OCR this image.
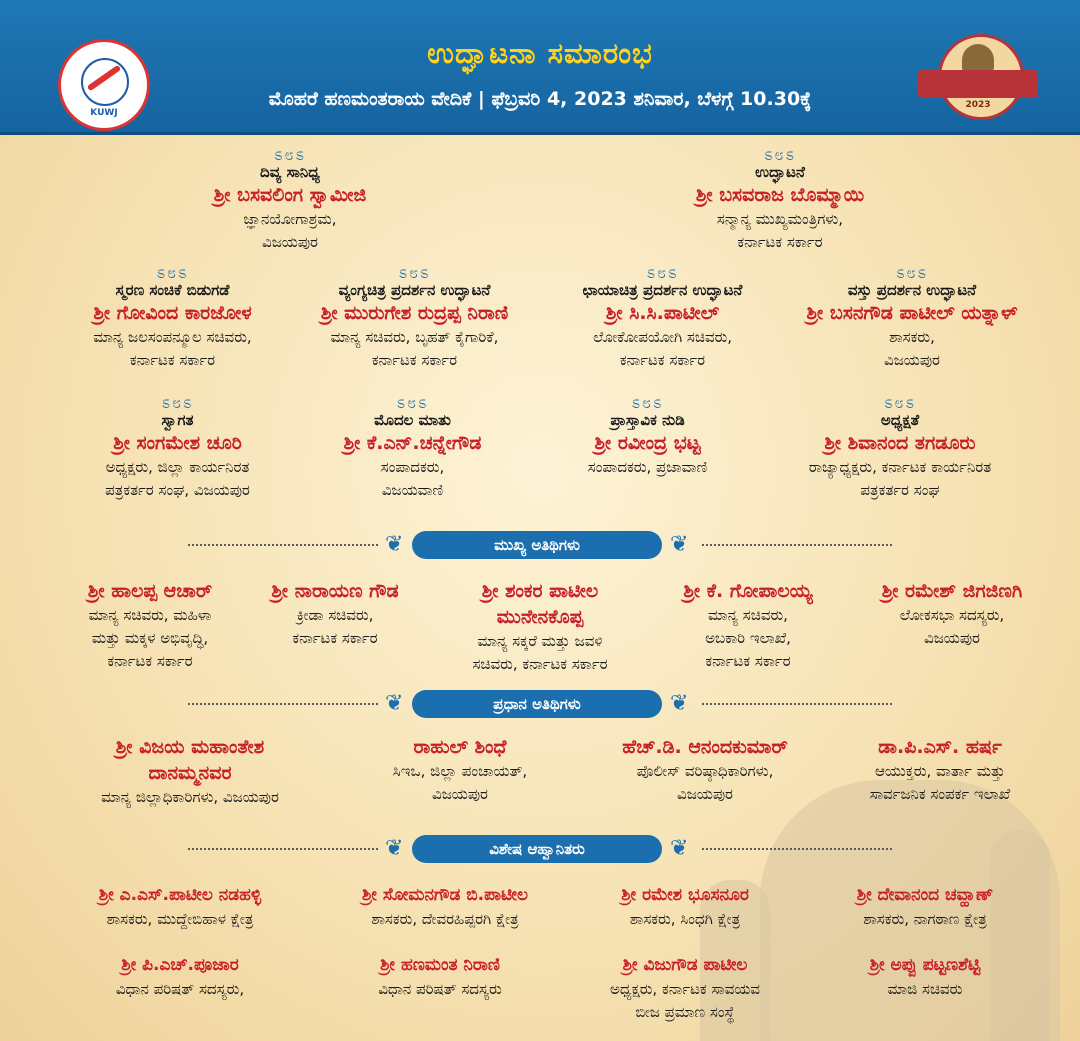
KUWJ
ಉದ್ಘಾಟನಾ ಸಮಾರಂಭ
ಮೊಹರೆ ಹಣಮಂತರಾಯ ವೇದಿಕೆ | ಫೆಬ್ರವರಿ 4, 2023 ಶನಿವಾರ, ಬೆಳಗ್ಗೆ 10.30ಕ್ಕೆ	2023
ಽ೮ಽ
ದಿವ್ಯ ಸಾನಿಧ್ಯ
ಶ್ರೀ ಬಸವಲಿಂಗ ಸ್ವಾಮೀಜಿ
ಜ್ಞಾನಯೋಗಾಶ್ರಮ,
ವಿಜಯಪುರ
ಽ೮ಽ
ಉದ್ಘಾಟನೆ
ಶ್ರೀ ಬಸವರಾಜ ಬೊಮ್ಮಾಯಿ
ಸನ್ಮಾನ್ಯ ಮುಖ್ಯಮಂತ್ರಿಗಳು,
ಕರ್ನಾಟಕ ಸರ್ಕಾರ
ಽ೮ಽ
ಸ್ಮರಣ ಸಂಚಿಕೆ ಬಿಡುಗಡೆ
ಶ್ರೀ ಗೋವಿಂದ ಕಾರಜೋಳ
ಮಾನ್ಯ ಜಲಸಂಪನ್ಮೂಲ ಸಚಿವರು,
ಕರ್ನಾಟಕ ಸರ್ಕಾರ
ಽ೮ಽ
ವ್ಯಂಗ್ಯಚಿತ್ರ ಪ್ರದರ್ಶನ ಉದ್ಘಾಟನೆ
ಶ್ರೀ ಮುರುಗೇಶ ರುದ್ರಪ್ಪ ನಿರಾಣಿ
ಮಾನ್ಯ ಸಚಿವರು, ಬೃಹತ್ ಕೈಗಾರಿಕೆ,
ಕರ್ನಾಟಕ ಸರ್ಕಾರ
ಽ೮ಽ
ಛಾಯಾಚಿತ್ರ ಪ್ರದರ್ಶನ ಉದ್ಘಾಟನೆ
ಶ್ರೀ ಸಿ.ಸಿ.ಪಾಟೀಲ್
ಲೋಕೋಪಯೋಗಿ ಸಚಿವರು,
ಕರ್ನಾಟಕ ಸರ್ಕಾರ
ಽ೮ಽ
ವಸ್ತು ಪ್ರದರ್ಶನ ಉದ್ಘಾಟನೆ
ಶ್ರೀ ಬಸನಗೌಡ ಪಾಟೀಲ್ ಯತ್ನಾಳ್
ಶಾಸಕರು,
ವಿಜಯಪುರ
ಽ೮ಽ
ಸ್ವಾಗತ
ಶ್ರೀ ಸಂಗಮೇಶ ಚೂರಿ
ಅಧ್ಯಕ್ಷರು, ಜಿಲ್ಲಾ ಕಾರ್ಯನಿರತ
ಪತ್ರಕರ್ತರ ಸಂಘ, ವಿಜಯಪುರ
ಽ೮ಽ
ಮೊದಲ ಮಾತು
ಶ್ರೀ ಕೆ.ಎನ್.ಚನ್ನೇಗೌಡ
ಸಂಪಾದಕರು,
ವಿಜಯವಾಣಿ
ಽ೮ಽ
ಪ್ರಾಸ್ತಾವಿಕ ನುಡಿ
ಶ್ರೀ ರವೀಂದ್ರ ಭಟ್ಟ
ಸಂಪಾದಕರು, ಪ್ರಜಾವಾಣಿ
ಽ೮ಽ
ಅಧ್ಯಕ್ಷತೆ
ಶ್ರೀ ಶಿವಾನಂದ ತಗಡೂರು
ರಾಜ್ಯಾಧ್ಯಕ್ಷರು, ಕರ್ನಾಟಕ ಕಾರ್ಯನಿರತ
ಪತ್ರಕರ್ತರ ಸಂಘ
❦	ಮುಖ್ಯ ಅತಿಥಿಗಳು	❦
ಶ್ರೀ ಹಾಲಪ್ಪ ಆಚಾರ್
ಮಾನ್ಯ ಸಚಿವರು, ಮಹಿಳಾ
ಮತ್ತು ಮಕ್ಕಳ ಅಭಿವೃದ್ಧಿ,
ಕರ್ನಾಟಕ ಸರ್ಕಾರ
ಶ್ರೀ ನಾರಾಯಣ ಗೌಡ
ಕ್ರೀಡಾ ಸಚಿವರು,
ಕರ್ನಾಟಕ ಸರ್ಕಾರ
ಶ್ರೀ ಶಂಕರ ಪಾಟೀಲ
ಮುನೇನಕೊಪ್ಪ
ಮಾನ್ಯ ಸಕ್ಕರೆ ಮತ್ತು ಜವಳಿ
ಸಚಿವರು, ಕರ್ನಾಟಕ ಸರ್ಕಾರ
ಶ್ರೀ ಕೆ. ಗೋಪಾಲಯ್ಯ
ಮಾನ್ಯ ಸಚಿವರು,
ಅಬಕಾರಿ ಇಲಾಖೆ,
ಕರ್ನಾಟಕ ಸರ್ಕಾರ
ಶ್ರೀ ರಮೇಶ್ ಜಿಗಜಿಣಗಿ
ಲೋಕಸಭಾ ಸದಸ್ಯರು,
ವಿಜಯಪುರ
❦	ಪ್ರಧಾನ ಅತಿಥಿಗಳು	❦
ಶ್ರೀ ವಿಜಯ ಮಹಾಂತೇಶ
ದಾನಮ್ಮನವರ
ಮಾನ್ಯ ಜಿಲ್ಲಾಧಿಕಾರಿಗಳು, ವಿಜಯಪುರ
ರಾಹುಲ್ ಶಿಂಧೆ
ಸಿಇಒ, ಜಿಲ್ಲಾ ಪಂಚಾಯತ್,
ವಿಜಯಪುರ
ಹೆಚ್.ಡಿ. ಆನಂದಕುಮಾರ್
ಪೊಲೀಸ್ ವರಿಷ್ಠಾಧಿಕಾರಿಗಳು,
ವಿಜಯಪುರ
ಡಾ.ಪಿ.ಎಸ್. ಹರ್ಷ
ಆಯುಕ್ತರು, ವಾರ್ತಾ ಮತ್ತು
ಸಾರ್ವಜನಿಕ ಸಂಪರ್ಕ ಇಲಾಖೆ
❦	ವಿಶೇಷ ಆಹ್ವಾನಿತರು	❦
ಶ್ರೀ ಎ.ಎಸ್.ಪಾಟೀಲ ನಡಹಳ್ಳಿ
ಶಾಸಕರು, ಮುದ್ದೇಬಿಹಾಳ ಕ್ಷೇತ್ರ
ಶ್ರೀ ಸೋಮನಗೌಡ ಬಿ.ಪಾಟೀಲ
ಶಾಸಕರು, ದೇವರಹಿಪ್ಪರಗಿ ಕ್ಷೇತ್ರ
ಶ್ರೀ ರಮೇಶ ಭೂಸನೂರ
ಶಾಸಕರು, ಸಿಂಧಗಿ ಕ್ಷೇತ್ರ
ಶ್ರೀ ದೇವಾನಂದ ಚವ್ಹಾಣ್
ಶಾಸಕರು, ನಾಗಠಾಣ ಕ್ಷೇತ್ರ
ಶ್ರೀ ಪಿ.ಎಚ್.ಪೂಜಾರ
ವಿಧಾನ ಪರಿಷತ್ ಸದಸ್ಯರು,
ಶ್ರೀ ಹಣಮಂತ ನಿರಾಣಿ
ವಿಧಾನ ಪರಿಷತ್ ಸದಸ್ಯರು
ಶ್ರೀ ವಿಜುಗೌಡ ಪಾಟೀಲ
ಅಧ್ಯಕ್ಷರು, ಕರ್ನಾಟಕ ಸಾವಯವ
ಬೀಜ ಪ್ರಮಾಣ ಸಂಸ್ಥೆ
ಶ್ರೀ ಅಪ್ಪು ಪಟ್ಟಣಶೆಟ್ಟಿ
ಮಾಜಿ ಸಚಿವರು
